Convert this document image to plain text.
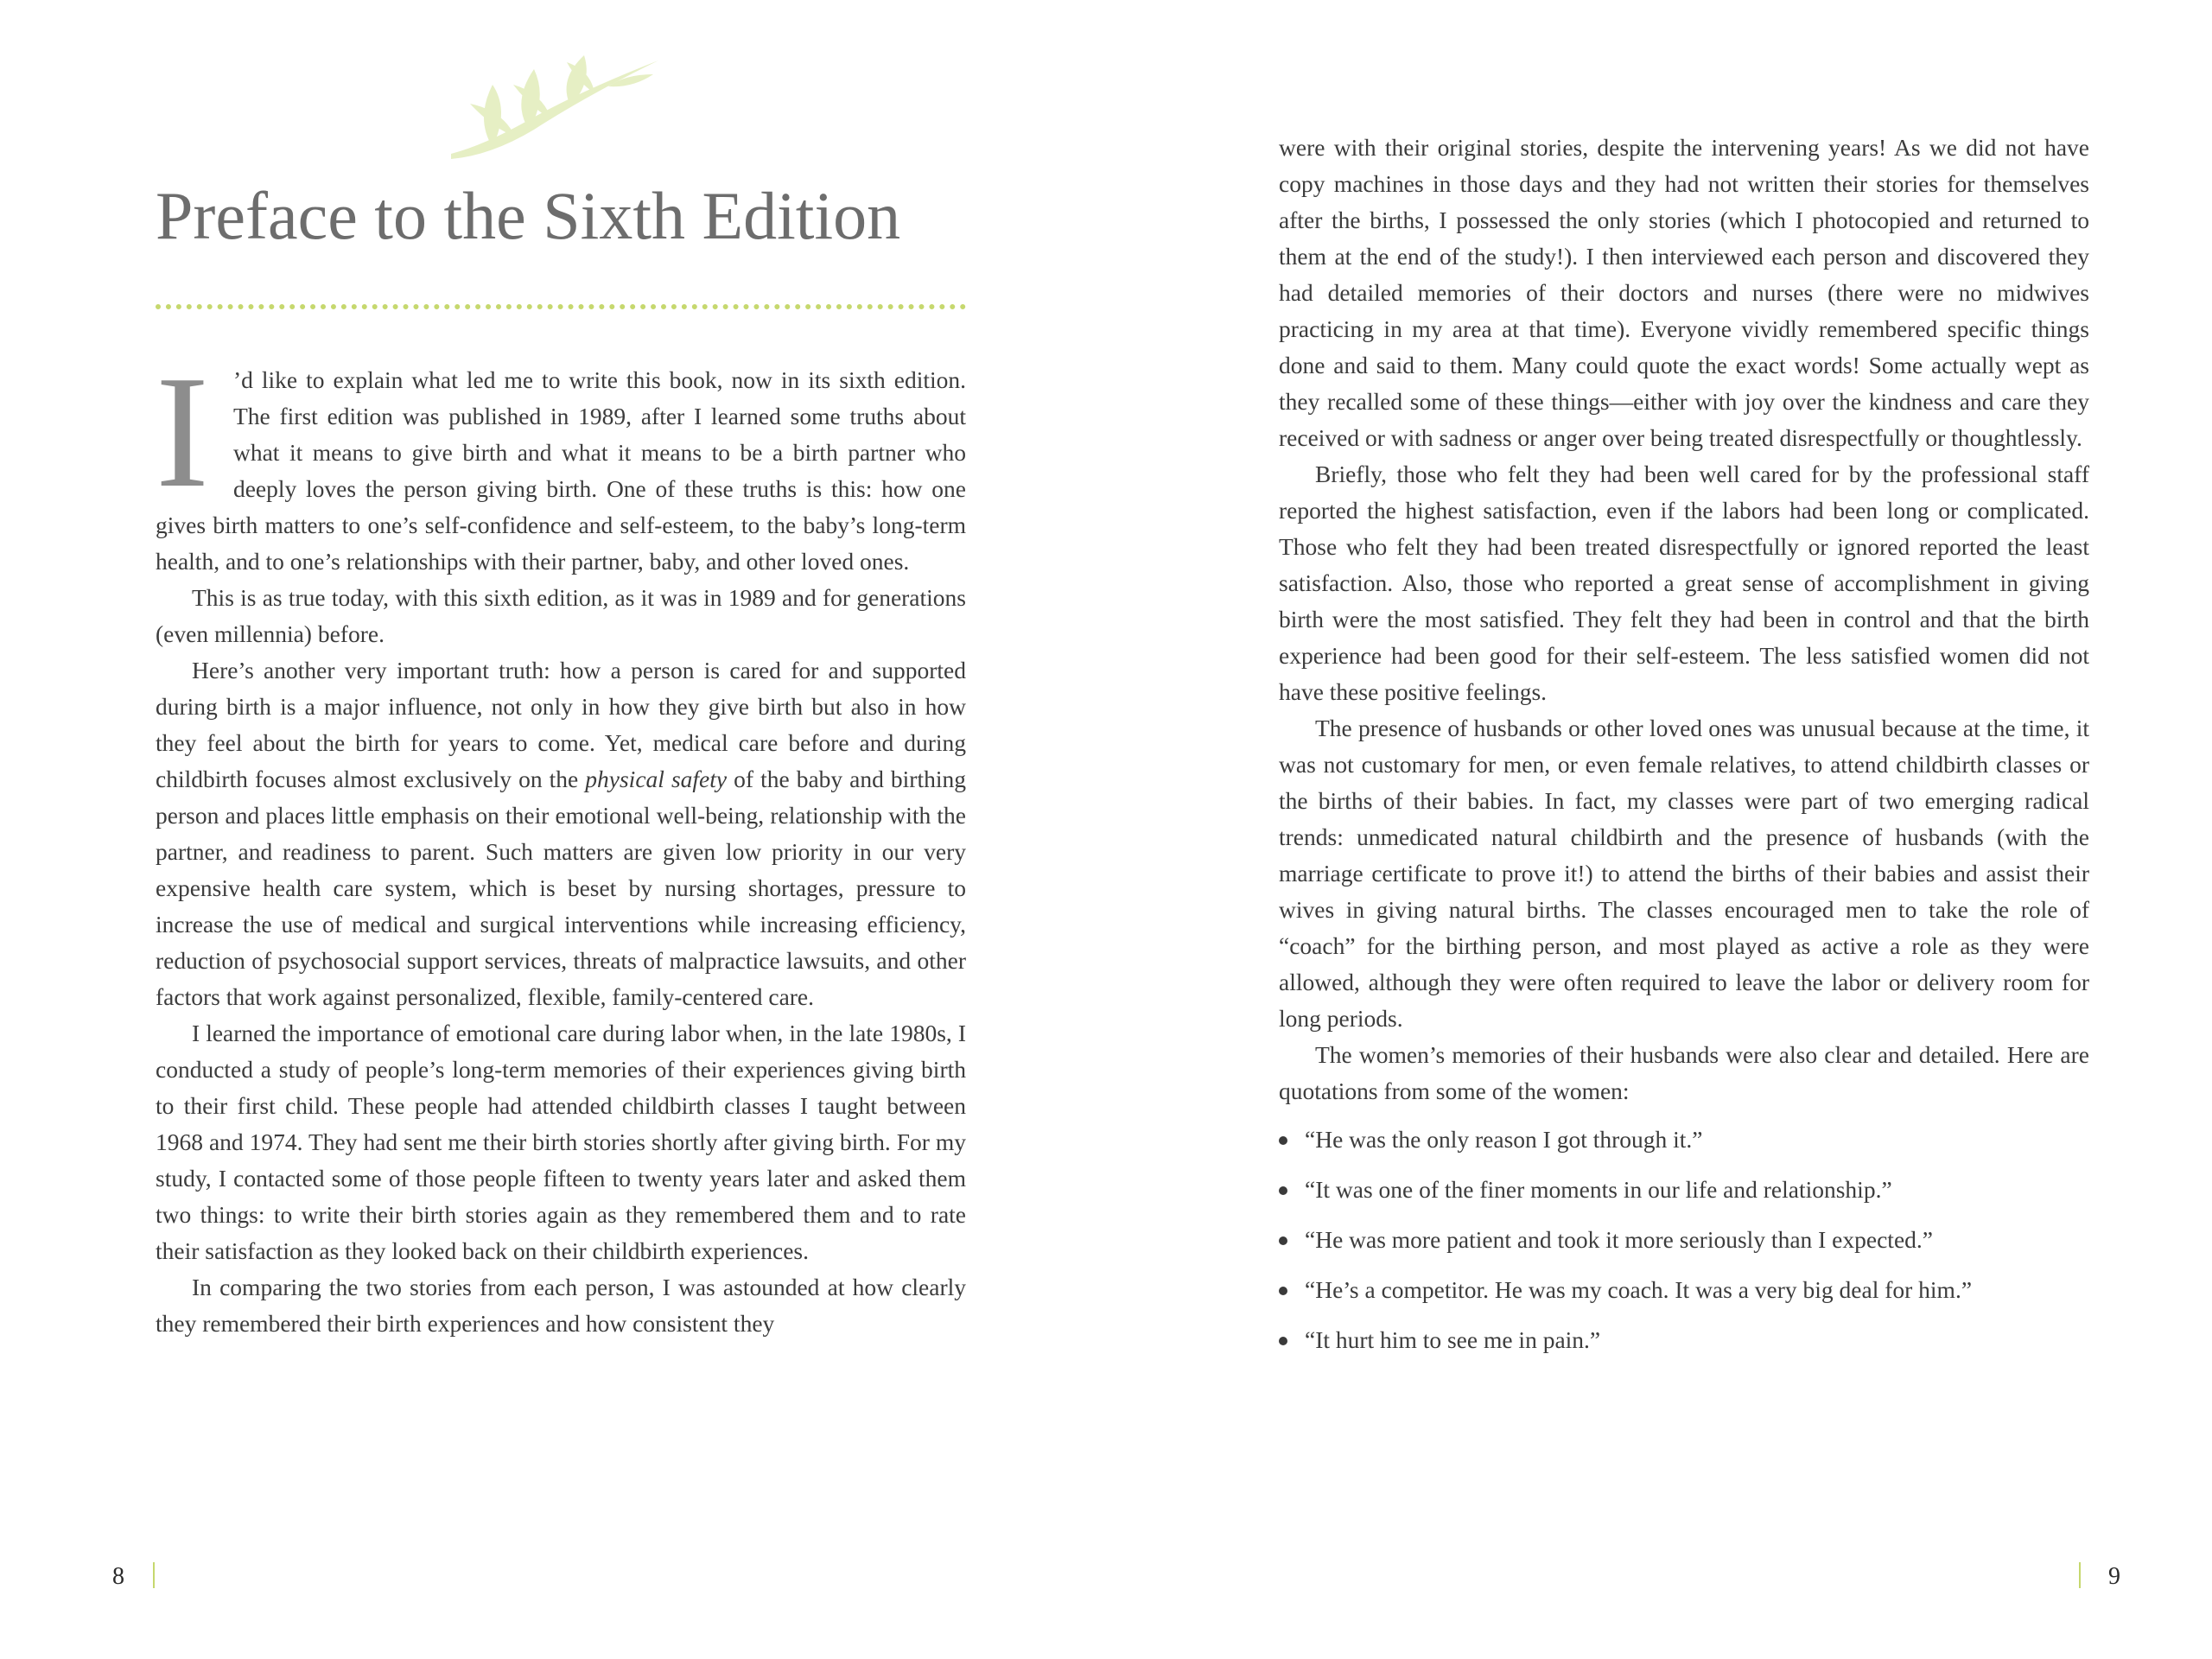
Preface to the Sixth Edition

I ’d like to explain what led me to write this book, now in its sixth edition. The first edition was published in 1989, after I learned some truths about what it means to give birth and what it means to be a birth partner who deeply loves the person giving birth. One of these truths is this: how one gives birth matters to one’s self-confidence and self-esteem, to the baby’s long-term health, and to one’s relationships with their partner, baby, and other loved ones.

This is as true today, with this sixth edition, as it was in 1989 and for generations (even millennia) before.

Here’s another very important truth: how a person is cared for and supported during birth is a major influence, not only in how they give birth but also in how they feel about the birth for years to come. Yet, medical care before and during childbirth focuses almost exclusively on the physical safety of the baby and birthing person and places little emphasis on their emotional well-being, relationship with the partner, and readiness to parent. Such matters are given low priority in our very expensive health care system, which is beset by nursing shortages, pressure to increase the use of medical and surgical interventions while increasing efficiency, reduction of psychosocial support services, threats of malpractice lawsuits, and other factors that work against personalized, flexible, family-centered care.

I learned the importance of emotional care during labor when, in the late 1980s, I conducted a study of people’s long-term memories of their experiences giving birth to their first child. These people had attended childbirth classes I taught between 1968 and 1974. They had sent me their birth stories shortly after giving birth. For my study, I contacted some of those people fifteen to twenty years later and asked them two things: to write their birth stories again as they remembered them and to rate their satisfaction as they looked back on their childbirth experiences.

In comparing the two stories from each person, I was astounded at how clearly they remembered their birth experiences and how consistent they

8

were with their original stories, despite the intervening years! As we did not have copy machines in those days and they had not written their stories for themselves after the births, I possessed the only stories (which I photocopied and returned to them at the end of the study!). I then interviewed each person and discovered they had detailed memories of their doctors and nurses (there were no midwives practicing in my area at that time). Everyone vividly remembered specific things done and said to them. Many could quote the exact words! Some actually wept as they recalled some of these things—either with joy over the kindness and care they received or with sadness or anger over being treated disrespectfully or thoughtlessly.

Briefly, those who felt they had been well cared for by the professional staff reported the highest satisfaction, even if the labors had been long or complicated. Those who felt they had been treated disrespectfully or ignored reported the least satisfaction. Also, those who reported a great sense of accomplishment in giving birth were the most satisfied. They felt they had been in control and that the birth experience had been good for their self-esteem. The less satisfied women did not have these positive feelings.

The presence of husbands or other loved ones was unusual because at the time, it was not customary for men, or even female relatives, to attend childbirth classes or the births of their babies. In fact, my classes were part of two emerging radical trends: unmedicated natural childbirth and the presence of husbands (with the marriage certificate to prove it!) to attend the births of their babies and assist their wives in giving natural births. The classes encouraged men to take the role of “coach” for the birthing person, and most played as active a role as they were allowed, although they were often required to leave the labor or delivery room for long periods.

The women’s memories of their husbands were also clear and detailed. Here are quotations from some of the women:

“He was the only reason I got through it.”
“It was one of the finer moments in our life and relationship.”
“He was more patient and took it more seriously than I expected.”
“He’s a competitor. He was my coach. It was a very big deal for him.”
“It hurt him to see me in pain.”
9
